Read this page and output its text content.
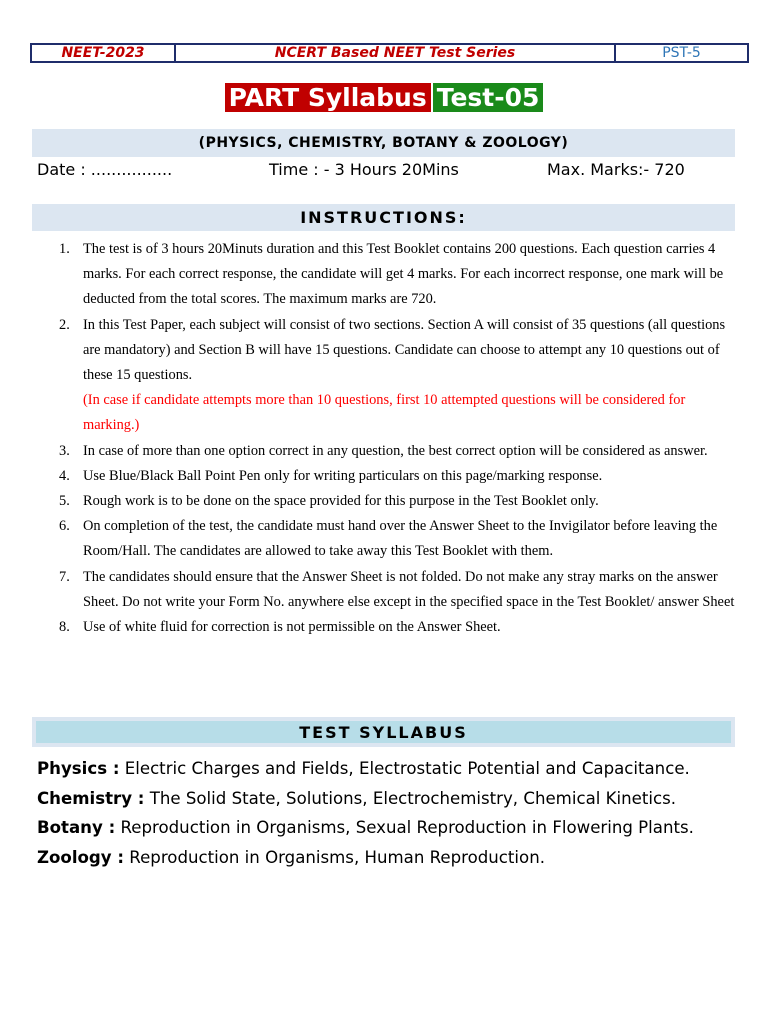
NEET-2023	NCERT Based NEET Test Series	PST-5
PART Syllabus Test-05
(PHYSICS, CHEMISTRY, BOTANY & ZOOLOGY)
Date : ................	Time : - 3 Hours 20Mins	Max. Marks:- 720
INSTRUCTIONS:
1. The test is of 3 hours 20Minuts duration and this Test Booklet contains 200 questions. Each question carries 4 marks. For each correct response, the candidate will get 4 marks. For each incorrect response, one mark will be deducted from the total scores. The maximum marks are 720.
2. In this Test Paper, each subject will consist of two sections. Section A will consist of 35 questions (all questions are mandatory) and Section B will have 15 questions. Candidate can choose to attempt any 10 questions out of these 15 questions.
(In case if candidate attempts more than 10 questions, first 10 attempted questions will be considered for marking.)
3. In case of more than one option correct in any question, the best correct option will be considered as answer.
4. Use Blue/Black Ball Point Pen only for writing particulars on this page/marking response.
5. Rough work is to be done on the space provided for this purpose in the Test Booklet only.
6. On completion of the test, the candidate must hand over the Answer Sheet to the Invigilator before leaving the Room/Hall. The candidates are allowed to take away this Test Booklet with them.
7. The candidates should ensure that the Answer Sheet is not folded. Do not make any stray marks on the answer Sheet. Do not write your Form No. anywhere else except in the specified space in the Test Booklet/ answer Sheet
8. Use of white fluid for correction is not permissible on the Answer Sheet.
TEST SYLLABUS

Physics : Electric Charges and Fields, Electrostatic Potential and Capacitance.

Chemistry : The Solid State, Solutions, Electrochemistry, Chemical Kinetics.

Botany : Reproduction in Organisms, Sexual Reproduction in Flowering Plants.

Zoology : Reproduction in Organisms, Human Reproduction.
